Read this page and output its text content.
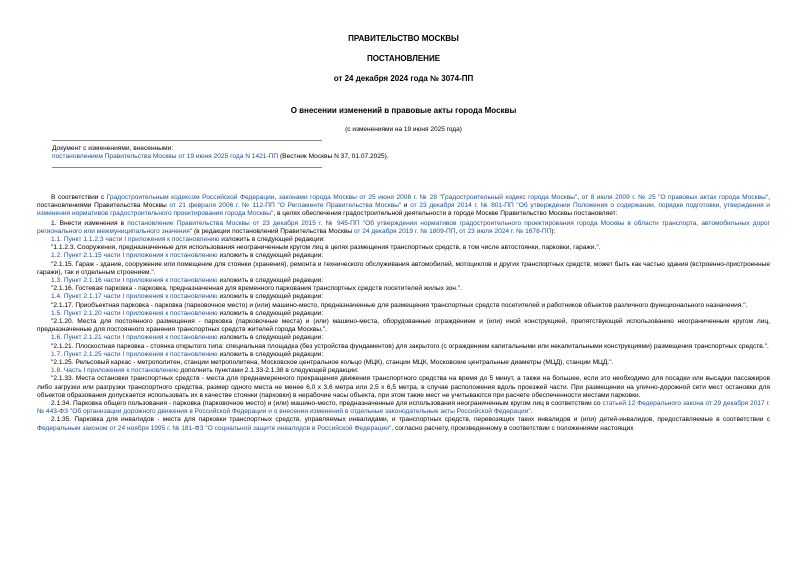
ПРАВИТЕЛЬСТВО МОСКВЫ
ПОСТАНОВЛЕНИЕ
от 24 декабря 2024 года № 3074-ПП
О внесении изменений в правовые акты города Москвы
(с изменениями на 19 июня 2025 года)

Документ с изменениями, внесенными:

постановлением Правительства Москвы от 19 июня 2025 года N 1421-ПП (Вестник Москвы N 37, 01.07.2025).

В соответствии с Градостроительным кодексом Российской Федерации, законами города Москвы от 25 июня 2008 г. № 28 "Градостроительный кодекс города Москвы", от 8 июля 2009 г. № 25 "О правовых актах города Москвы", постановлениями Правительства Москвы от 21 февраля 2006 г. № 112-ПП "О Регламенте Правительства Москвы" и от 23 декабря 2014 г. № 801-ПП "Об утверждении Положения о содержании, порядке подготовки, утверждения и изменения нормативов градостроительного проектирования города Москвы", в целях обеспечения градостроительной деятельности в городе Москве Правительство Москвы постановляет:

1. Внести изменения в постановление Правительства Москвы от 23 декабря 2015 г. № 945-ПП "Об утверждении нормативов градостроительного проектирования города Москвы в области транспорта, автомобильных дорог регионального или межмуниципального значения" (в редакции постановлений Правительства Москвы от 24 декабря 2019 г. № 1809-ПП, от 23 июля 2024 г. № 1678-ПП):

1.1. Пункт 1.1.2.3 части I приложения к постановлению изложить в следующей редакции:

"1.1.2.3. Сооружения, предназначенные для использования неограниченным кругом лиц в целях размещения транспортных средств, в том числе автостоянки, парковки, гаражи.".

1.2. Пункт 2.1.15 части I приложения к постановлению изложить в следующей редакции:

"2.1.15. Гараж - здание, сооружение или помещение для стоянки (хранения), ремонта и технического обслуживания автомобилей, мотоциклов и других транспортных средств; может быть как частью здания (встроенно-пристроенные гаражи), так и отдельным строением.".

1.3. Пункт 2.1.16 части I приложения к постановлению изложить в следующей редакции:

"2.1.16. Гостевая парковка - парковка, предназначенная для временного паркования транспортных средств посетителей жилых зон.".

1.4. Пункт 2.1.17 части I приложения к постановлению изложить в следующей редакции:

"2.1.17. Приобъектная парковка - парковка (парковочное место) и (или) машино-место, предназначенные для размещения транспортных средств посетителей и работников объектов различного функционального назначения.".

1.5. Пункт 2.1.20 части I приложения к постановлению изложить в следующей редакции:

"2.1.20. Места для постоянного размещения - парковка (парковочные места) и (или) машино-места, оборудованные ограждением и (или) иной конструкцией, препятствующей использованию неограниченным кругом лиц, предназначенные для постоянного хранения транспортных средств жителей города Москвы.".

1.6. Пункт 2.1.21 части I приложения к постановлению изложить в следующей редакции:

"2.1.21. Плоскостная парковка - стоянка открытого типа: специальная площадка (без устройства фундаментов) для закрытого (с ограждением капитальными или некапитальными конструкциями) размещения транспортных средств.".

1.7. Пункт 2.1.25 части I приложения к постановлению изложить в следующей редакции:

"2.1.25. Рельсовый каркас - метрополитен, станции метрополитена, Московское центральное кольцо (МЦК), станции МЦК, Московские центральные диаметры (МЦД), станции МЦД.".

1.8. Часть I приложения к постановлению дополнить пунктами 2.1.33-2.1.38 в следующей редакции:

"2.1.33. Места остановки транспортных средств - места для преднамеренного прекращения движения транспортного средства на время до 5 минут, а также на большее, если это необходимо для посадки или высадки пассажиров либо загрузки или разгрузки транспортного средства, размер одного места не менее 6,0 х 3,6 метра или 2,5 х 6,5 метра, в случае расположения вдоль проезжей части. При размещении на улично-дорожной сети мест остановки для объектов образования допускается использовать их в качестве стоянки (парковки) в нерабочие часы объекта, при этом такие мест не учитываются при расчете обеспеченности местами парковки.

2.1.34. Парковка общего пользования - парковка (парковочное место) и (или) машино-место, предназначенные для использования неограниченным кругом лиц в соответствии со статьей 12 Федерального закона от 29 декабря 2017 г. № 443-ФЗ "Об организации дорожного движения в Российской Федерации и о внесении изменений в отдельные законодательные акты Российской Федерации".

2.1.35. Парковка для инвалидов - места для парковки транспортных средств, управляемых инвалидами, и транспортных средств, перевозящих таких инвалидов и (или) детей-инвалидов, предоставляемые в соответствии с Федеральным законом от 24 ноября 1995 г. № 181-ФЗ "О социальной защите инвалидов в Российской Федерации", согласно расчету, произведенному в соответствии с положениями настоящих
